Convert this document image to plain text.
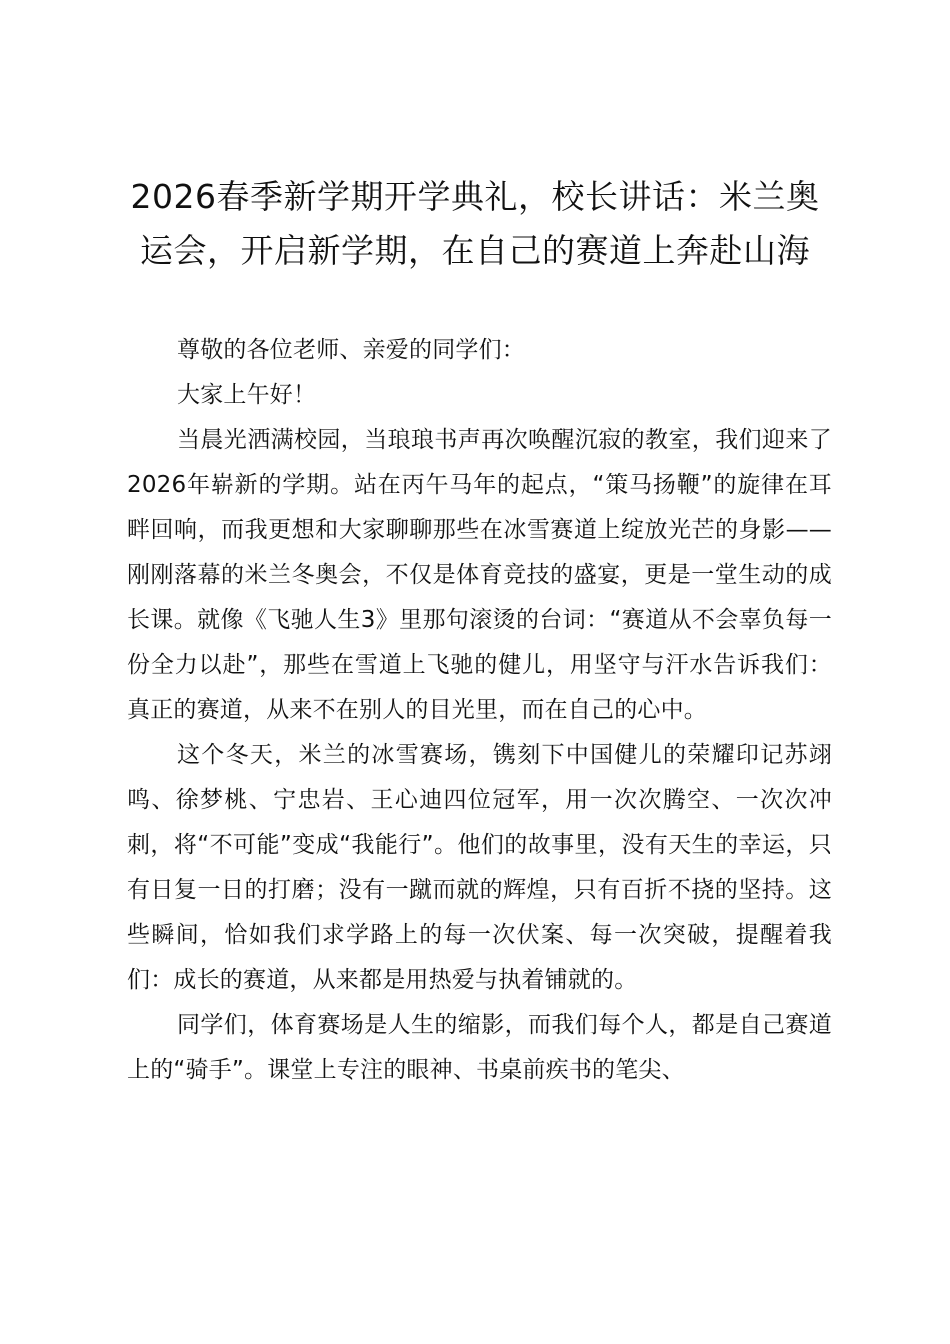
2026春季新学期开学典礼，校长讲话：米兰奥运会，开启新学期，在自己的赛道上奔赴山海

尊敬的各位老师、亲爱的同学们：

大家上午好！

当晨光洒满校园，当琅琅书声再次唤醒沉寂的教室，我们迎来了2026年崭新的学期。站在丙午马年的起点，“策马扬鞭”的旋律在耳畔回响，而我更想和大家聊聊那些在冰雪赛道上绽放光芒的身影——刚刚落幕的米兰冬奥会，不仅是体育竞技的盛宴，更是一堂生动的成长课。就像《飞驰人生3》里那句滚烫的台词：“赛道从不会辜负每一份全力以赴”，那些在雪道上飞驰的健儿，用坚守与汗水告诉我们：真正的赛道，从来不在别人的目光里，而在自己的心中。

这个冬天，米兰的冰雪赛场，镌刻下中国健儿的荣耀印记苏翊鸣、徐梦桃、宁忠岩、王心迪四位冠军，用一次次腾空、一次次冲刺，将“不可能”变成“我能行”。他们的故事里，没有天生的幸运，只有日复一日的打磨；没有一蹴而就的辉煌，只有百折不挠的坚持。这些瞬间，恰如我们求学路上的每一次伏案、每一次突破，提醒着我们：成长的赛道，从来都是用热爱与执着铺就的。

同学们，体育赛场是人生的缩影，而我们每个人，都是自己赛道上的“骑手”。课堂上专注的眼神、书桌前疾书的笔尖、
